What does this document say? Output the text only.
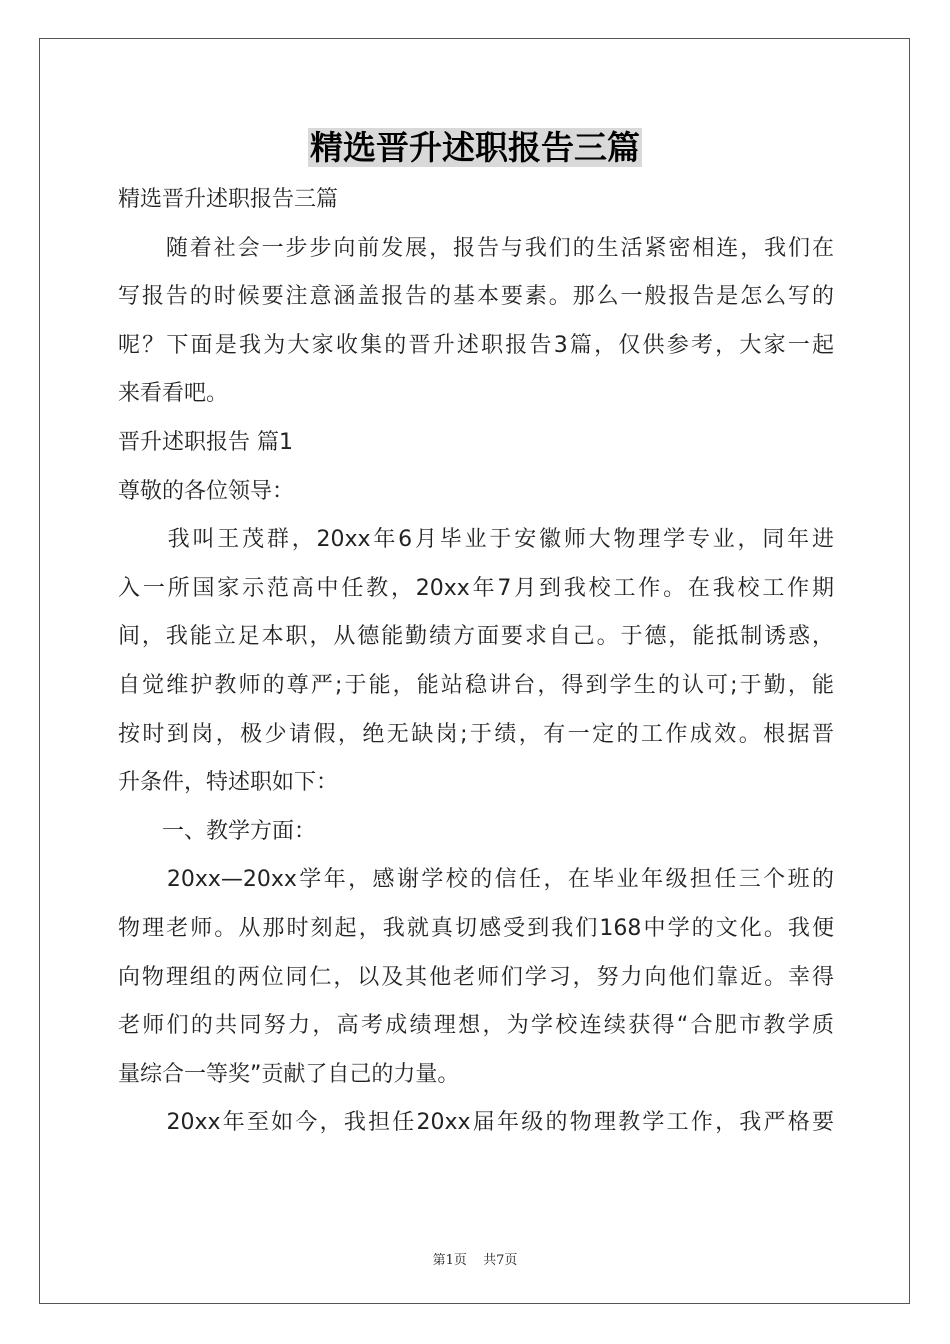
精选晋升述职报告三篇
精选晋升述职报告三篇
　　随着社会一步步向前发展，报告与我们的生活紧密相连，我们在
写报告的时候要注意涵盖报告的基本要素。那么一般报告是怎么写的
呢？下面是我为大家收集的晋升述职报告3篇，仅供参考，大家一起
来看看吧。
晋升述职报告 篇1
尊敬的各位领导：
　　我叫王茂群，20xx年6月毕业于安徽师大物理学专业，同年进
入一所国家示范高中任教，20xx年7月到我校工作。在我校工作期
间，我能立足本职，从德能勤绩方面要求自己。于德，能抵制诱惑，
自觉维护教师的尊严;于能，能站稳讲台，得到学生的认可;于勤，能
按时到岗，极少请假，绝无缺岗;于绩，有一定的工作成效。根据晋
升条件，特述职如下：
　　一、教学方面：
　　20xx—20xx学年，感谢学校的信任，在毕业年级担任三个班的
物理老师。从那时刻起，我就真切感受到我们168中学的文化。我便
向物理组的两位同仁，以及其他老师们学习，努力向他们靠近。幸得
老师们的共同努力，高考成绩理想，为学校连续获得“合肥市教学质
量综合一等奖”贡献了自己的力量。
　　20xx年至如今，我担任20xx届年级的物理教学工作，我严格要
第1页 共7页
